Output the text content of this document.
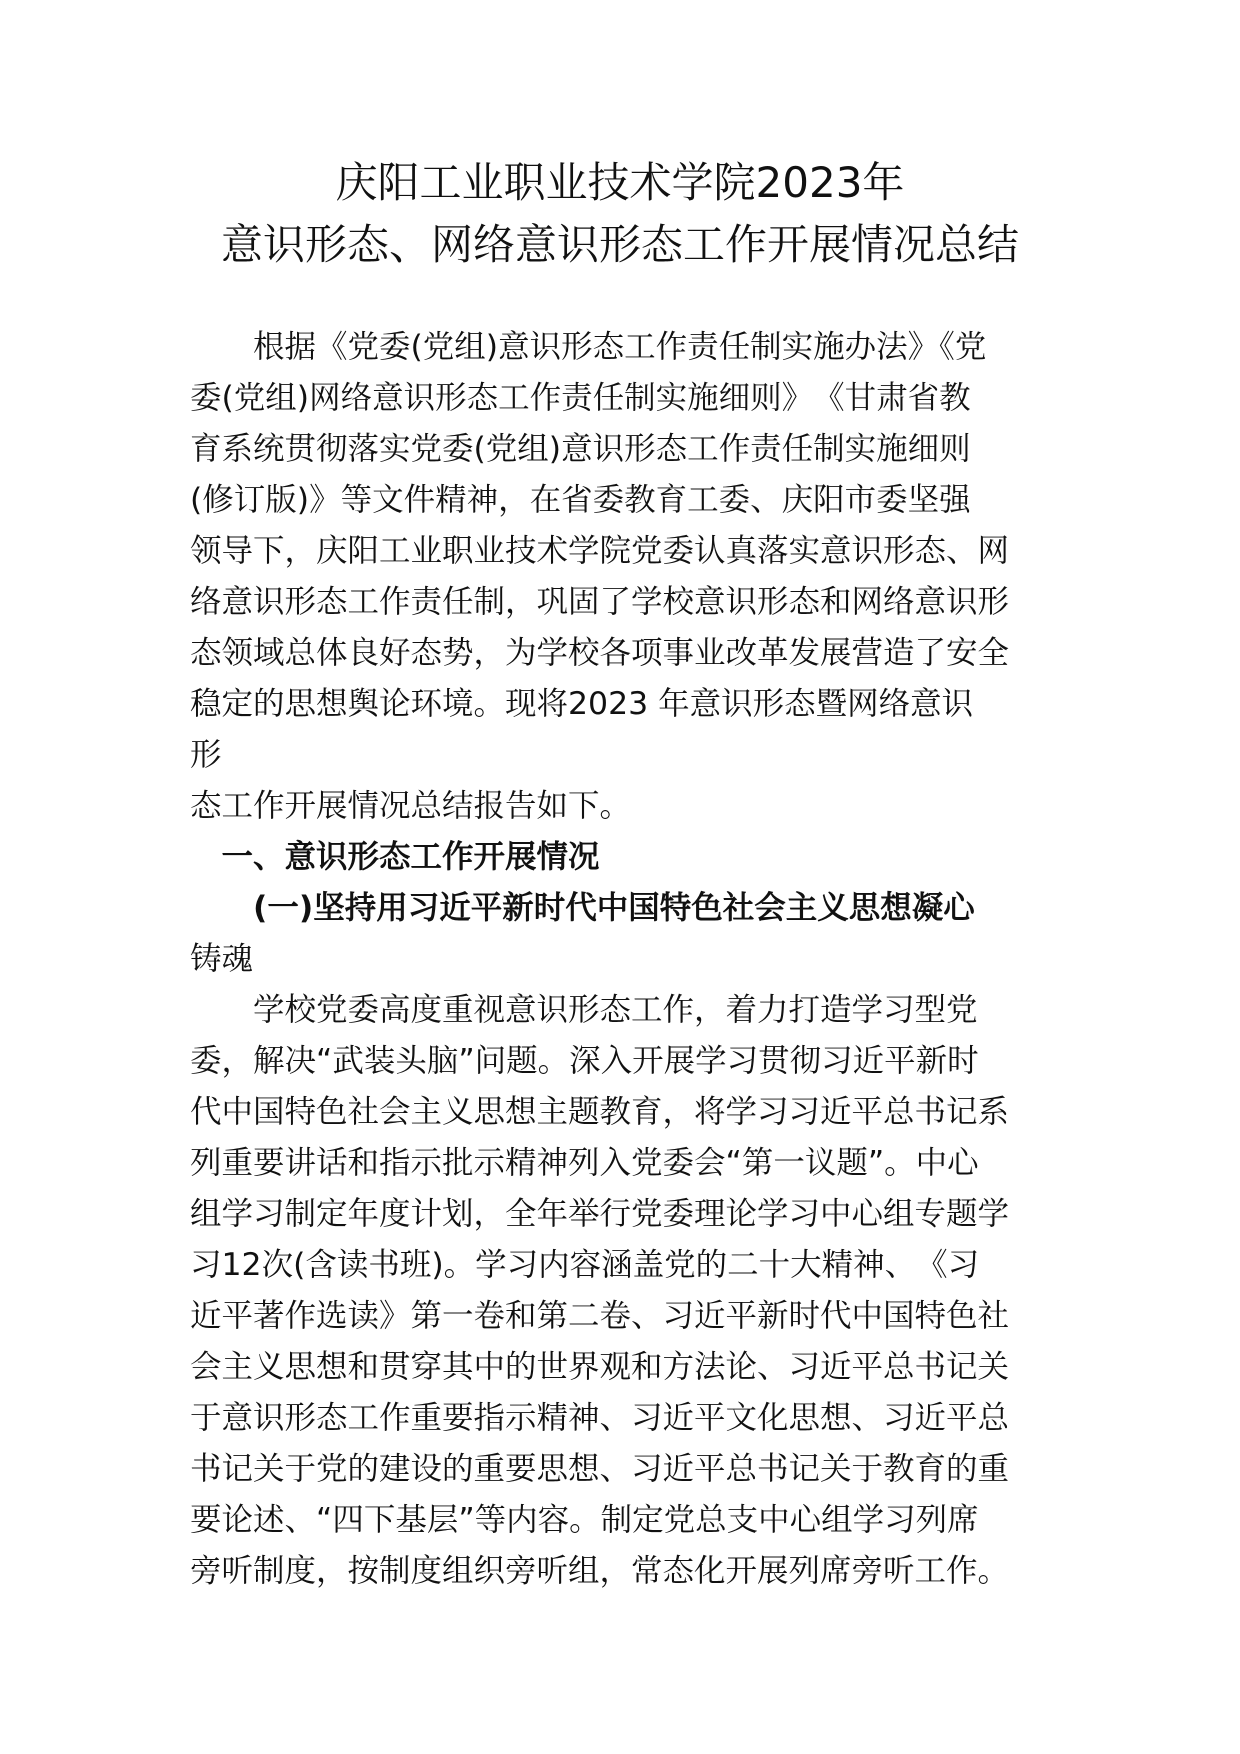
庆阳工业职业技术学院2023年
意识形态、网络意识形态工作开展情况总结
　　根据《党委(党组)意识形态工作责任制实施办法》《党
委(党组)网络意识形态工作责任制实施细则》　《甘肃省教
育系统贯彻落实党委(党组)意识形态工作责任制实施细则
(修订版)》等文件精神，在省委教育工委、庆阳市委坚强
领导下，庆阳工业职业技术学院党委认真落实意识形态、网
络意识形态工作责任制，巩固了学校意识形态和网络意识形
态领域总体良好态势，为学校各项事业改革发展营造了安全
稳定的思想舆论环境。现将2023 年意识形态暨网络意识
形
态工作开展情况总结报告如下。
　一、意识形态工作开展情况
　　(一)坚持用习近平新时代中国特色社会主义思想凝心
铸魂
　　学校党委高度重视意识形态工作，着力打造学习型党
委，解决“武装头脑”问题。深入开展学习贯彻习近平新时
代中国特色社会主义思想主题教育，将学习习近平总书记系
列重要讲话和指示批示精神列入党委会“第一议题”。中心
组学习制定年度计划，全年举行党委理论学习中心组专题学
习12次(含读书班)。学习内容涵盖党的二十大精神、　《习
近平著作选读》第一卷和第二卷、习近平新时代中国特色社
会主义思想和贯穿其中的世界观和方法论、习近平总书记关
于意识形态工作重要指示精神、习近平文化思想、习近平总
书记关于党的建设的重要思想、习近平总书记关于教育的重
要论述、“四下基层”等内容。制定党总支中心组学习列席
旁听制度，按制度组织旁听组，常态化开展列席旁听工作。
